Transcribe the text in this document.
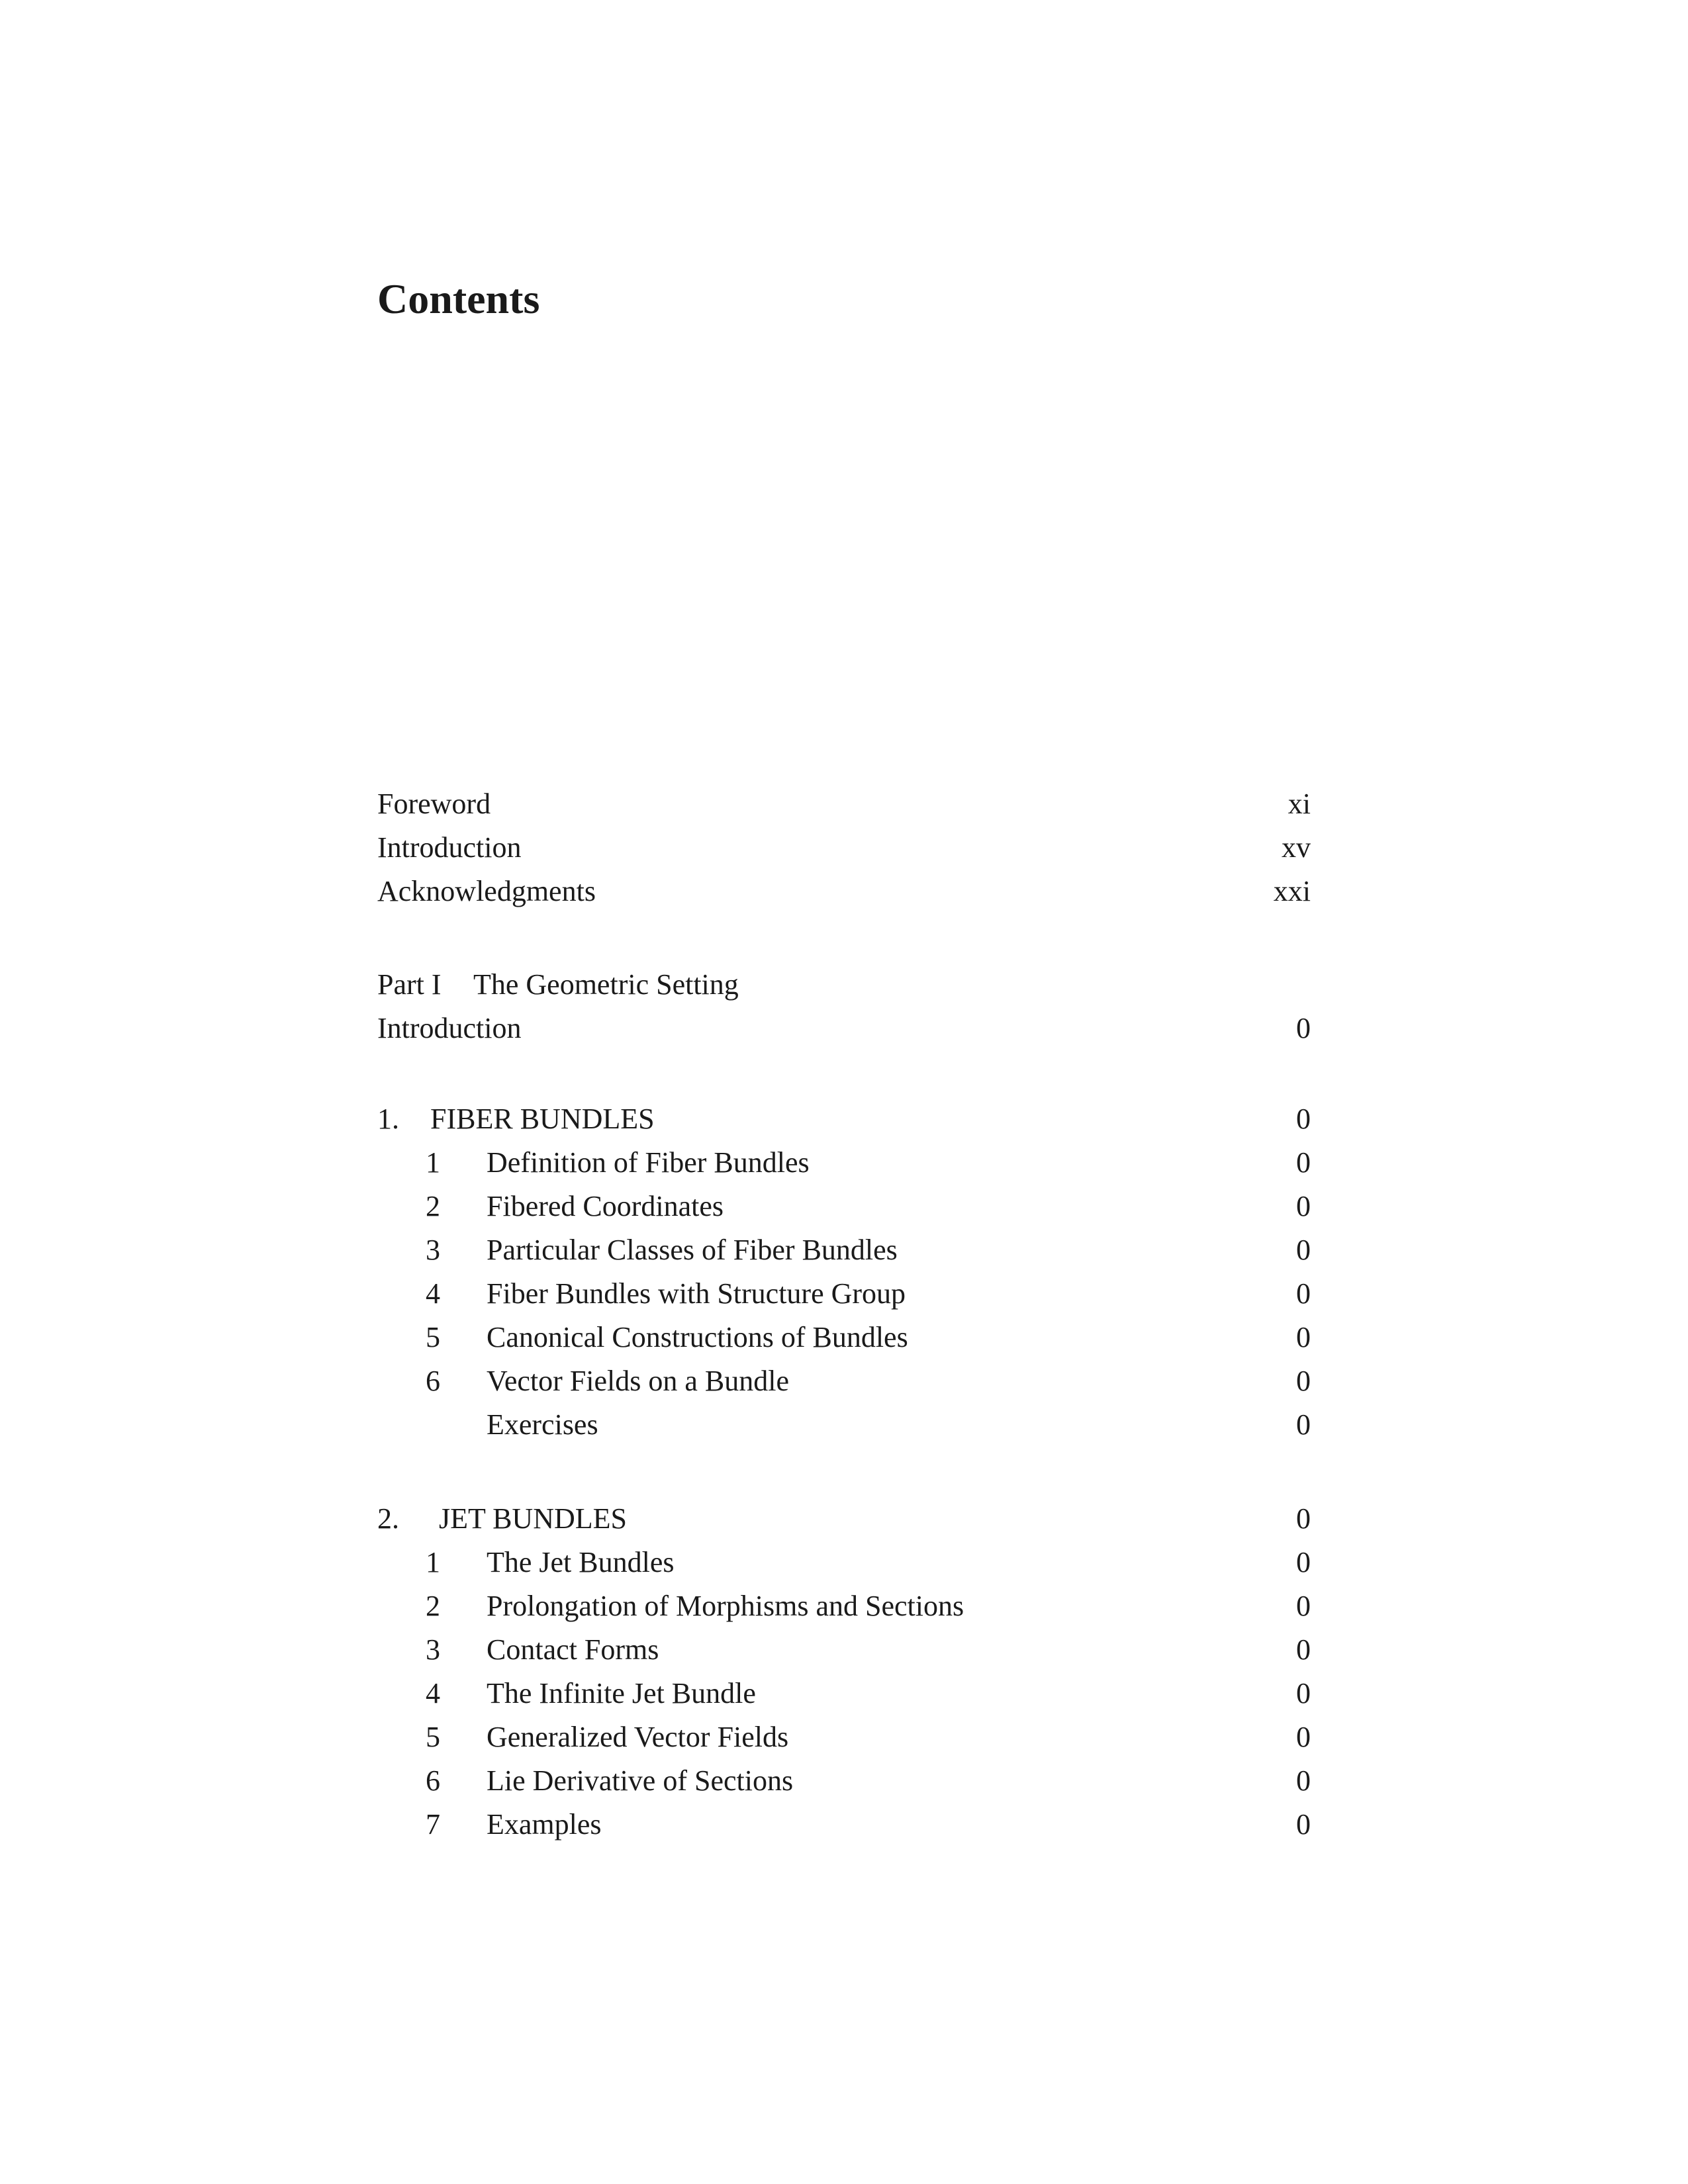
Contents
Foreword	xi
Introduction	xv
Acknowledgments	xxi
Part I The Geometric Setting
Introduction	0
1. FIBER BUNDLES	0
1 Definition of Fiber Bundles	0
2 Fibered Coordinates	0
3 Particular Classes of Fiber Bundles	0
4 Fiber Bundles with Structure Group	0
5 Canonical Constructions of Bundles	0
6 Vector Fields on a Bundle	0
Exercises	0
2. JET BUNDLES	0
1 The Jet Bundles	0
2 Prolongation of Morphisms and Sections	0
3 Contact Forms	0
4 The Infinite Jet Bundle	0
5 Generalized Vector Fields	0
6 Lie Derivative of Sections	0
7 Examples	0
